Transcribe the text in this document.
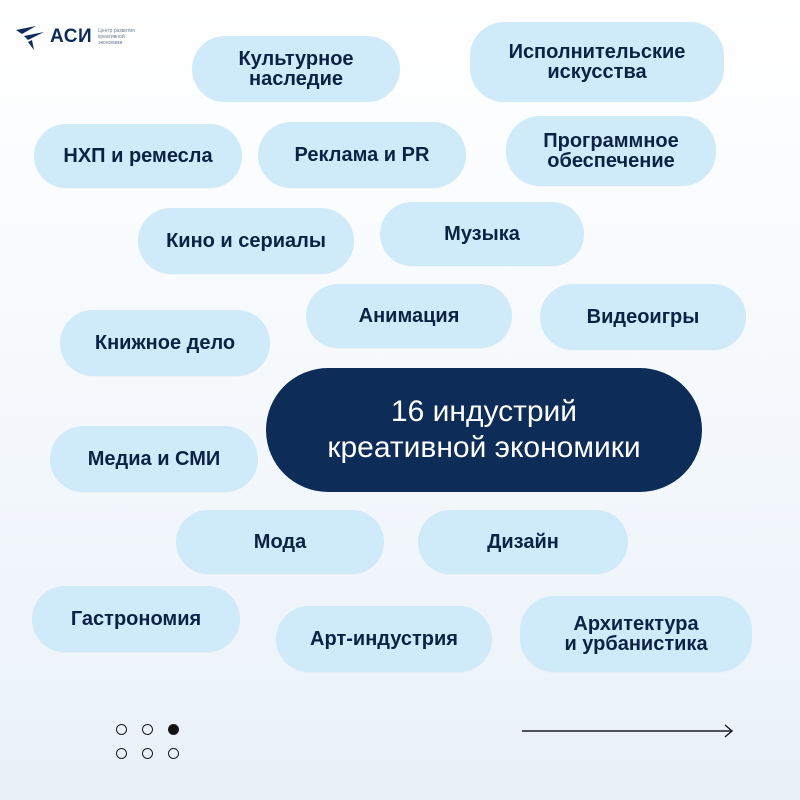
АСИ Центр развития креативной экономики
Культурное
наследие
Исполнительские
искусства
НХП и ремесла	Реклама и PR
Программное
обеспечение
Кино и сериалы	Музыка
Анимация	Видеоигры
Книжное дело
Медиа и СМИ
Мода	Дизайн
Гастрономия
Арт-индустрия
Архитектура
и урбанистика
16 индустрий
креативной экономики
